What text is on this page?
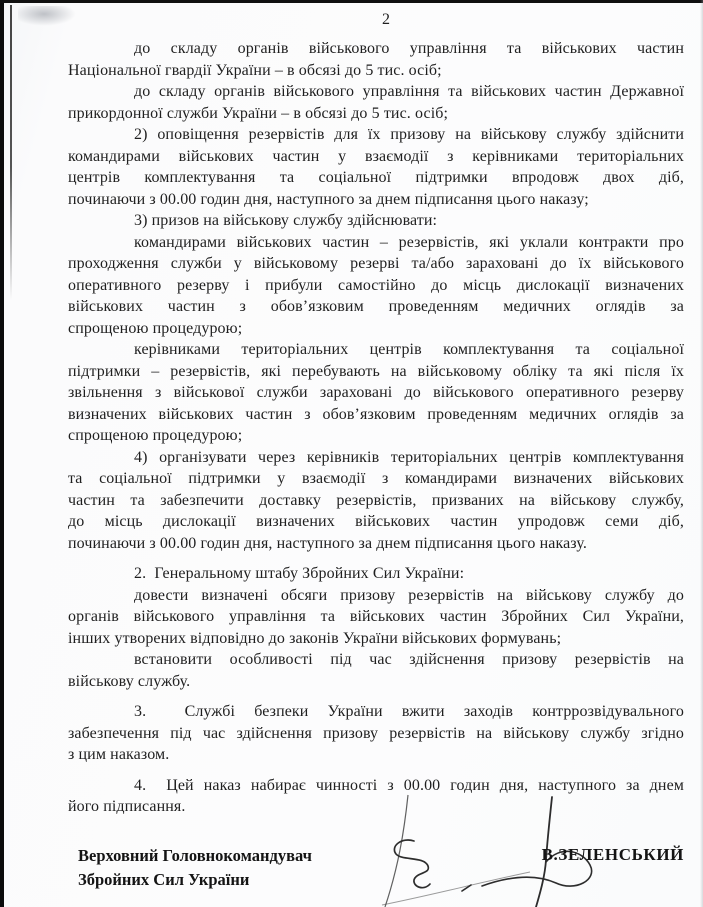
2
до складу органів військового управління та військових частин
Національної гвардії України – в обсязі до 5 тис. осіб;
до складу органів військового управління та військових частин Державної
прикордонної служби України – в обсязі до 5 тис. осіб;
2) оповіщення резервістів для їх призову на військову службу здійснити
командирами військових частин у взаємодії з керівниками територіальних
центрів комплектування та соціальної підтримки впродовж двох діб,
починаючи з 00.00 годин дня, наступного за днем підписання цього наказу;
3) призов на військову службу здійснювати:
командирами військових частин – резервістів, які уклали контракти про
проходження служби у військовому резерві та/або зараховані до їх військового
оперативного резерву і прибули самостійно до місць дислокації визначених
військових частин з обов’язковим проведенням медичних оглядів за
спрощеною процедурою;
керівниками територіальних центрів комплектування та соціальної
підтримки – резервістів, які перебувають на військовому обліку та які після їх
звільнення з військової служби зараховані до військового оперативного резерву
визначених військових частин з обов’язковим проведенням медичних оглядів за
спрощеною процедурою;
4) організувати через керівників територіальних центрів комплектування
та соціальної підтримки у взаємодії з командирами визначених військових
частин та забезпечити доставку резервістів, призваних на військову службу,
до місць дислокації визначених військових частин упродовж семи діб,
починаючи з 00.00 годин дня, наступного за днем підписання цього наказу.
2.  Генеральному штабу Збройних Сил України:
довести визначені обсяги призову резервістів на військову службу до
органів військового управління та військових частин Збройних Сил України,
інших утворених відповідно до законів України військових формувань;
встановити особливості під час здійснення призову резервістів на
військову службу.
3.  Службі безпеки України вжити заходів контррозвідувального
забезпечення під час здійснення призову резервістів на військову службу згідно
з цим наказом.
4.  Цей наказ набирає чинності з 00.00 годин дня, наступного за днем
його підписання.
Верховний Головнокомандувач
Збройних Сил України
В.ЗЕЛЕНСЬКИЙ
